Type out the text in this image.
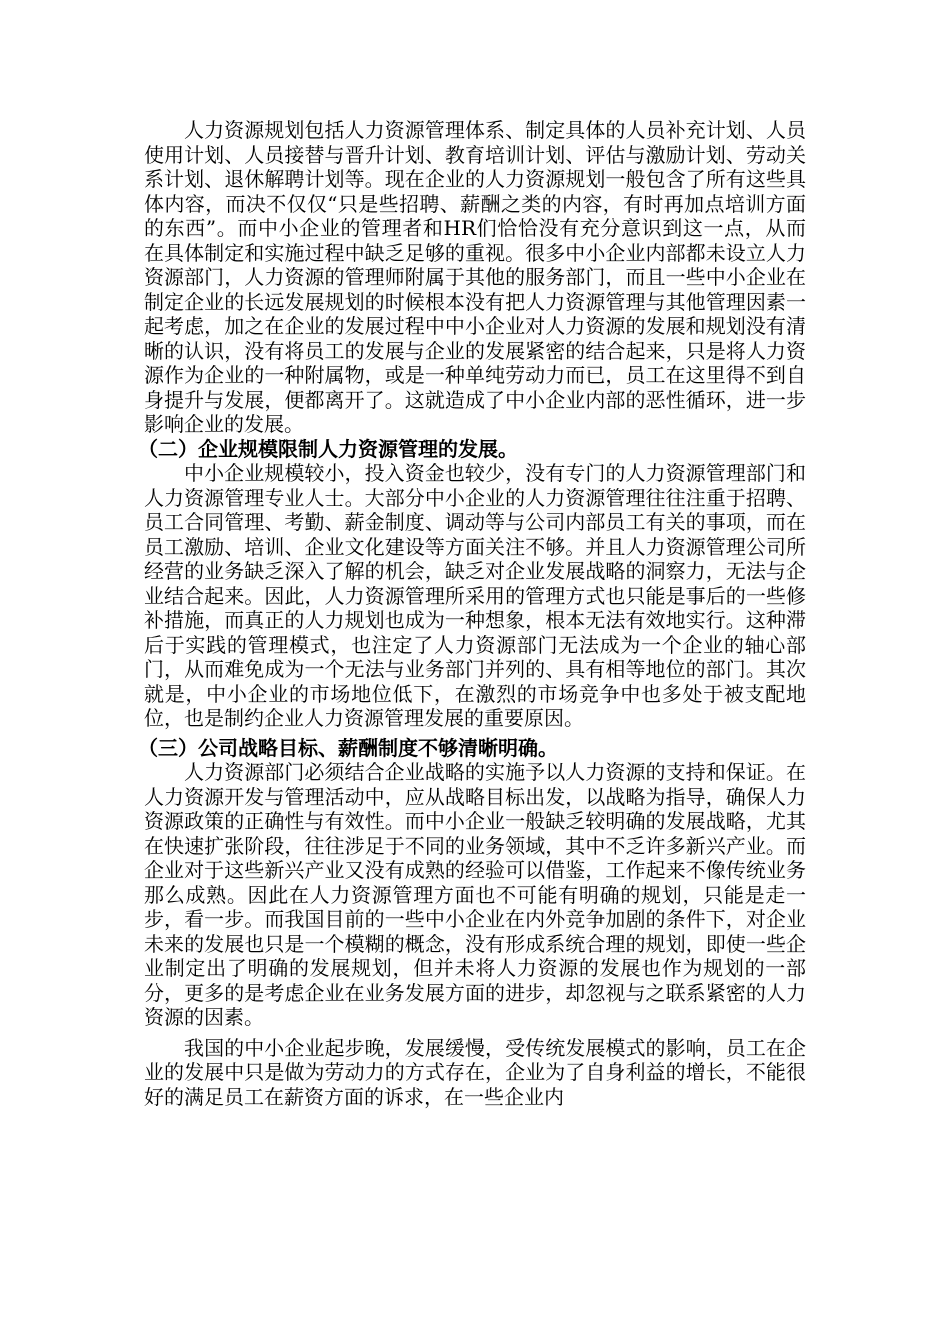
人力资源规划包括人力资源管理体系、制定具体的人员补充计划、人员使用计划、人员接替与晋升计划、教育培训计划、评估与激励计划、劳动关系计划、退休解聘计划等。现在企业的人力资源规划一般包含了所有这些具体内容，而决不仅仅“只是些招聘、薪酬之类的内容，有时再加点培训方面的东西”。而中小企业的管理者和HR们恰恰没有充分意识到这一点，从而在具体制定和实施过程中缺乏足够的重视。很多中小企业内部都未设立人力资源部门，人力资源的管理师附属于其他的服务部门，而且一些中小企业在制定企业的长远发展规划的时候根本没有把人力资源管理与其他管理因素一起考虑，加之在企业的发展过程中中小企业对人力资源的发展和规划没有清晰的认识，没有将员工的发展与企业的发展紧密的结合起来，只是将人力资源作为企业的一种附属物，或是一种单纯劳动力而已，员工在这里得不到自身提升与发展，便都离开了。这就造成了中小企业内部的恶性循环，进一步影响企业的发展。

（二）企业规模限制人力资源管理的发展。

中小企业规模较小，投入资金也较少，没有专门的人力资源管理部门和人力资源管理专业人士。大部分中小企业的人力资源管理往往注重于招聘、员工合同管理、考勤、薪金制度、调动等与公司内部员工有关的事项，而在员工激励、培训、企业文化建设等方面关注不够。并且人力资源管理公司所经营的业务缺乏深入了解的机会，缺乏对企业发展战略的洞察力，无法与企业结合起来。因此，人力资源管理所采用的管理方式也只能是事后的一些修补措施，而真正的人力规划也成为一种想象，根本无法有效地实行。这种滞后于实践的管理模式，也注定了人力资源部门无法成为一个企业的轴心部门，从而难免成为一个无法与业务部门并列的、具有相等地位的部门。其次就是，中小企业的市场地位低下，在激烈的市场竞争中也多处于被支配地位，也是制约企业人力资源管理发展的重要原因。

（三）公司战略目标、薪酬制度不够清晰明确。

人力资源部门必须结合企业战略的实施予以人力资源的支持和保证。在人力资源开发与管理活动中，应从战略目标出发，以战略为指导，确保人力资源政策的正确性与有效性。而中小企业一般缺乏较明确的发展战略，尤其在快速扩张阶段，往往涉足于不同的业务领域，其中不乏许多新兴产业。而企业对于这些新兴产业又没有成熟的经验可以借鉴，工作起来不像传统业务那么成熟。因此在人力资源管理方面也不可能有明确的规划，只能是走一步，看一步。而我国目前的一些中小企业在内外竞争加剧的条件下，对企业未来的发展也只是一个模糊的概念，没有形成系统合理的规划，即使一些企业制定出了明确的发展规划，但并未将人力资源的发展也作为规划的一部分，更多的是考虑企业在业务发展方面的进步，却忽视与之联系紧密的人力资源的因素。

我国的中小企业起步晚，发展缓慢，受传统发展模式的影响，员工在企业的发展中只是做为劳动力的方式存在，企业为了自身利益的增长，不能很好的满足员工在薪资方面的诉求，在一些企业内
